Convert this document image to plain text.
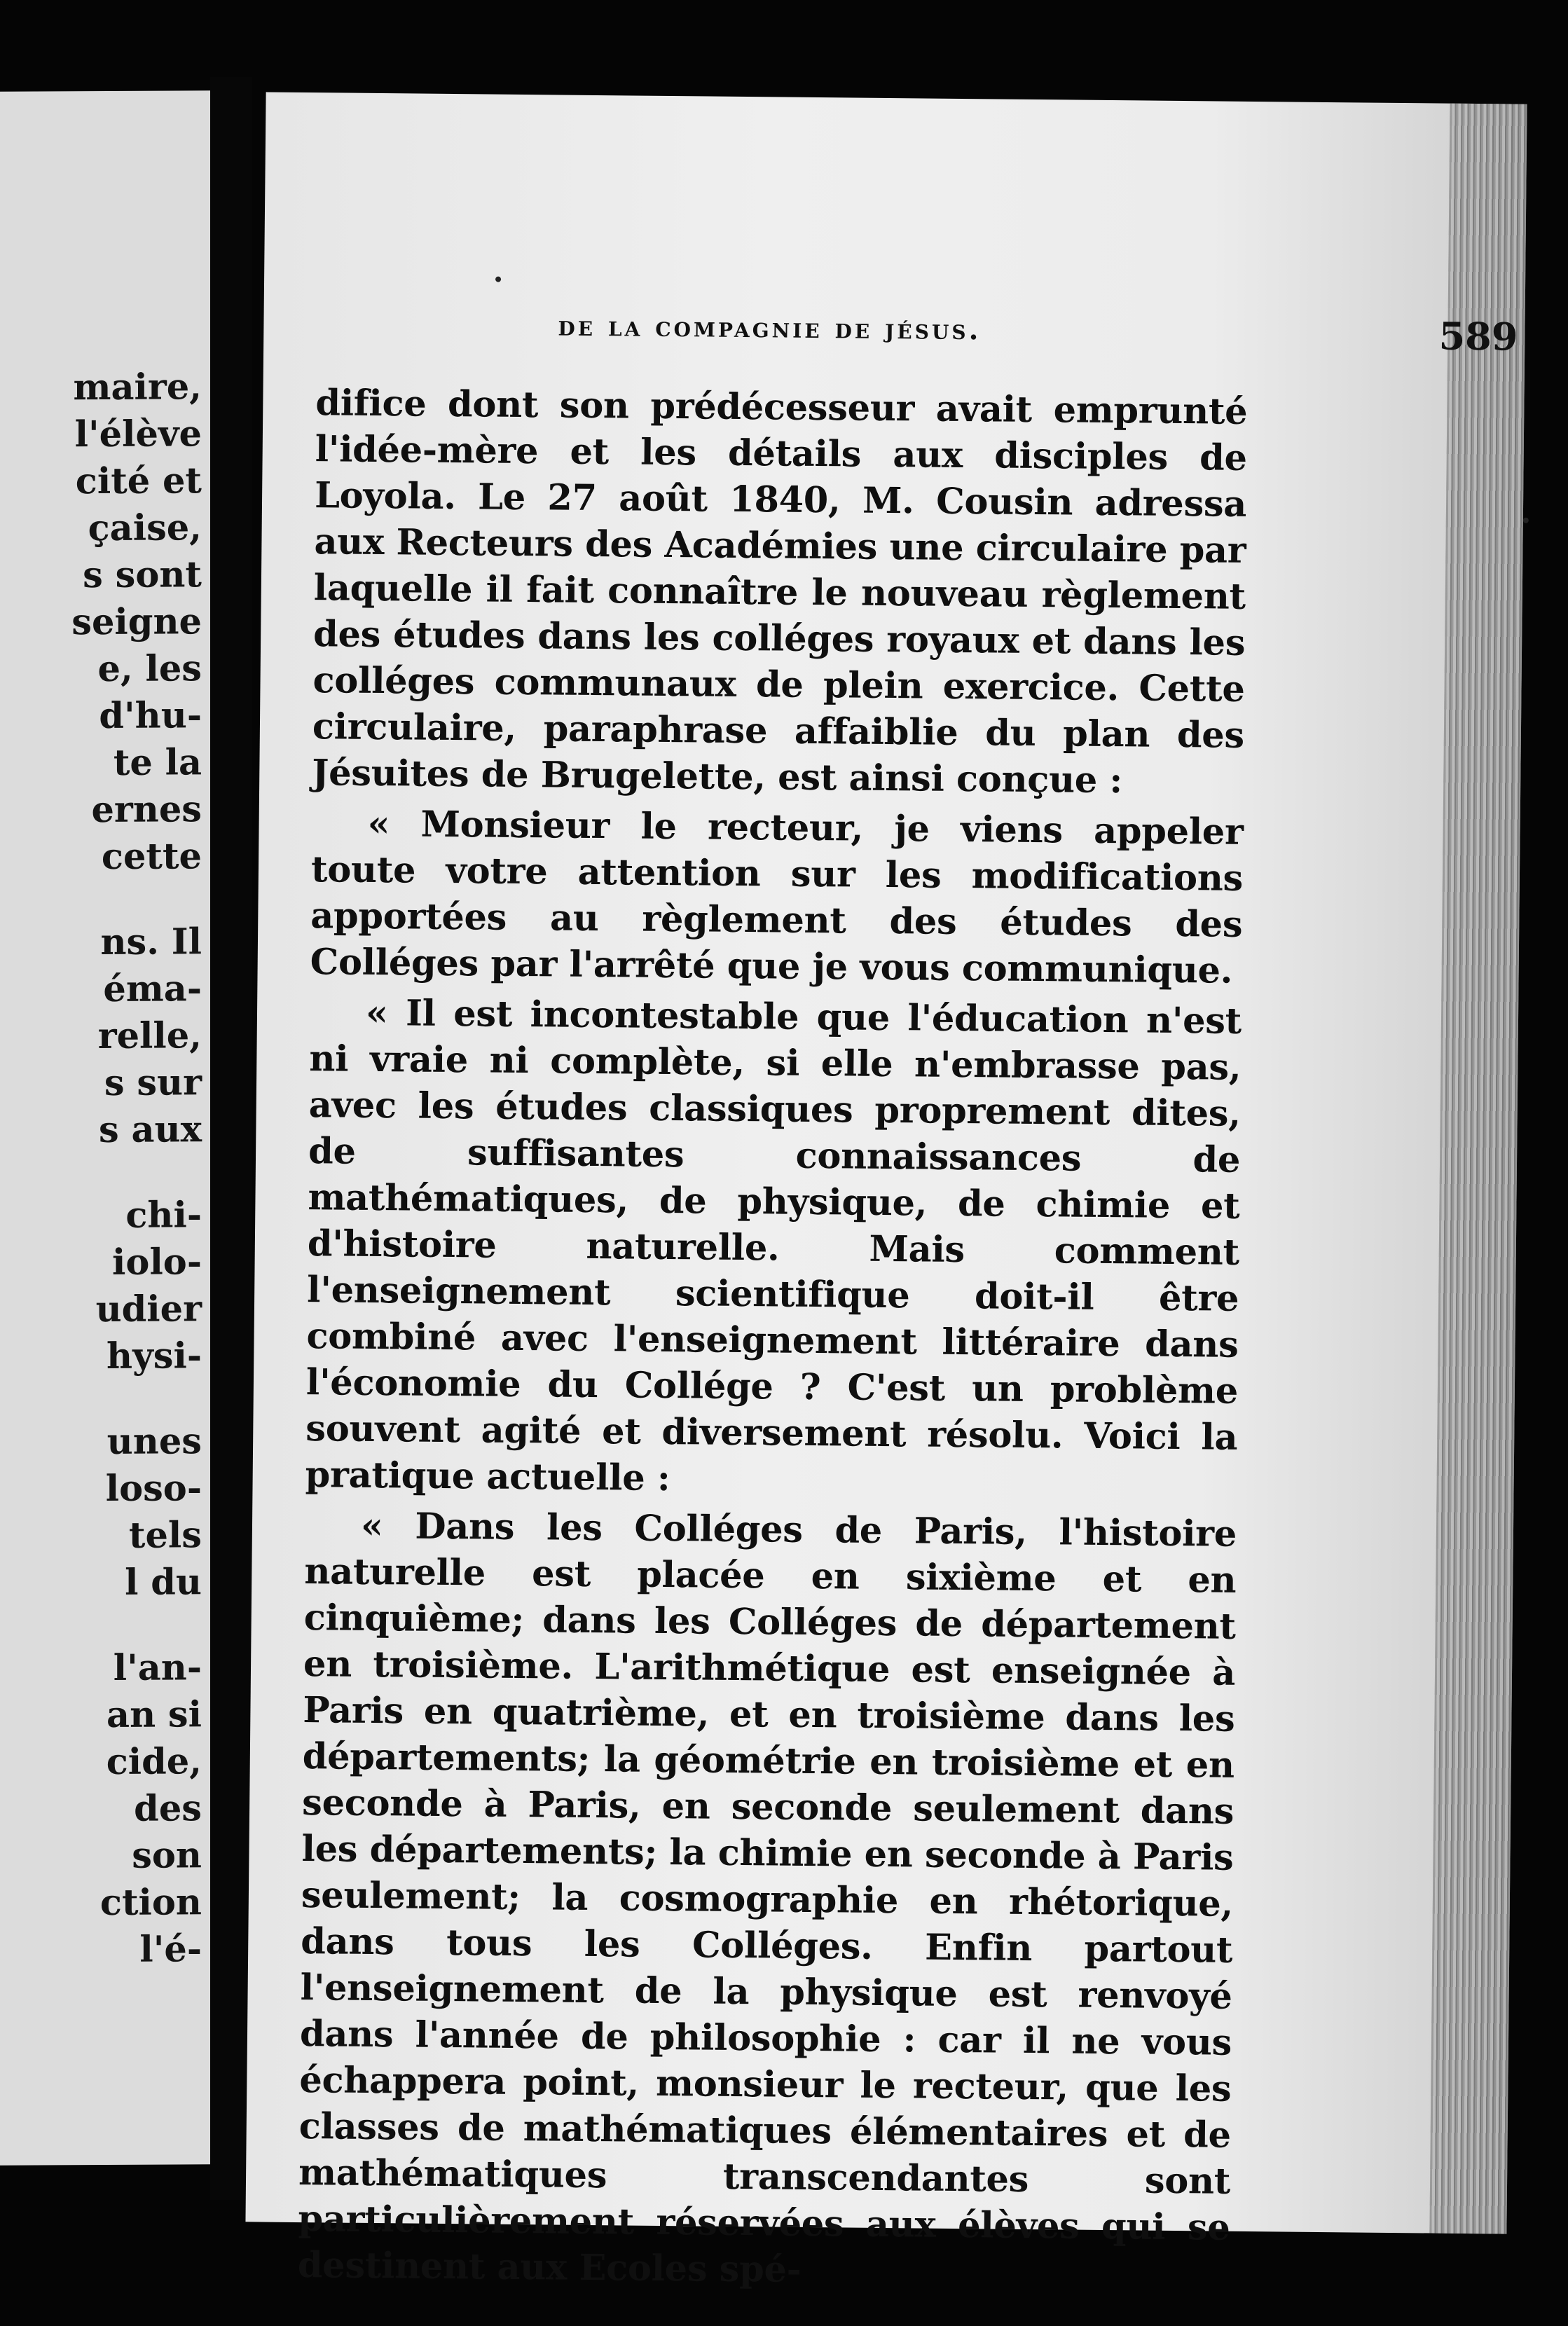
maire,
l'élève
cité et
çaise,
s sont
seigne
e, les
d'hu-
te la
ernes
cette
ns. Il
éma-
relle,
s sur
s aux
chi-
iolo-
udier
hysi-
unes
loso-
tels
l du
l'an-
an si
cide,
des
son
ction
l'é-
de la compagnie de jésus.	589

difice dont son prédécesseur avait emprunté l'idée-mère et les détails aux disciples de Loyola. Le 27 août 1840, M. Cousin adressa aux Recteurs des Académies une circulaire par laquelle il fait connaître le nouveau règlement des études dans les colléges royaux et dans les colléges communaux de plein exercice. Cette circulaire, paraphrase affaiblie du plan des Jésuites de Brugelette, est ainsi conçue :

« Monsieur le recteur, je viens appeler toute votre attention sur les modifications apportées au règlement des études des Colléges par l'arrêté que je vous communique.

« Il est incontestable que l'éducation n'est ni vraie ni complète, si elle n'embrasse pas, avec les études classiques proprement dites, de suffisantes connaissances de mathématiques, de physique, de chimie et d'histoire naturelle. Mais comment l'enseignement scientifique doit-il être combiné avec l'enseignement littéraire dans l'économie du Collége ? C'est un problème souvent agité et diversement résolu. Voici la pratique actuelle :

« Dans les Colléges de Paris, l'histoire naturelle est placée en sixième et en cinquième; dans les Colléges de département en troisième. L'arithmétique est enseignée à Paris en quatrième, et en troisième dans les départements; la géométrie en troisième et en seconde à Paris, en seconde seulement dans les départements; la chimie en seconde à Paris seulement; la cosmographie en rhétorique, dans tous les Colléges. Enfin partout l'enseignement de la physique est renvoyé dans l'année de philosophie : car il ne vous échappera point, monsieur le recteur, que les classes de mathématiques élémentaires et de mathématiques transcendantes sont particulièrement réservées aux élèves qui se destinent aux Ecoles spé-
